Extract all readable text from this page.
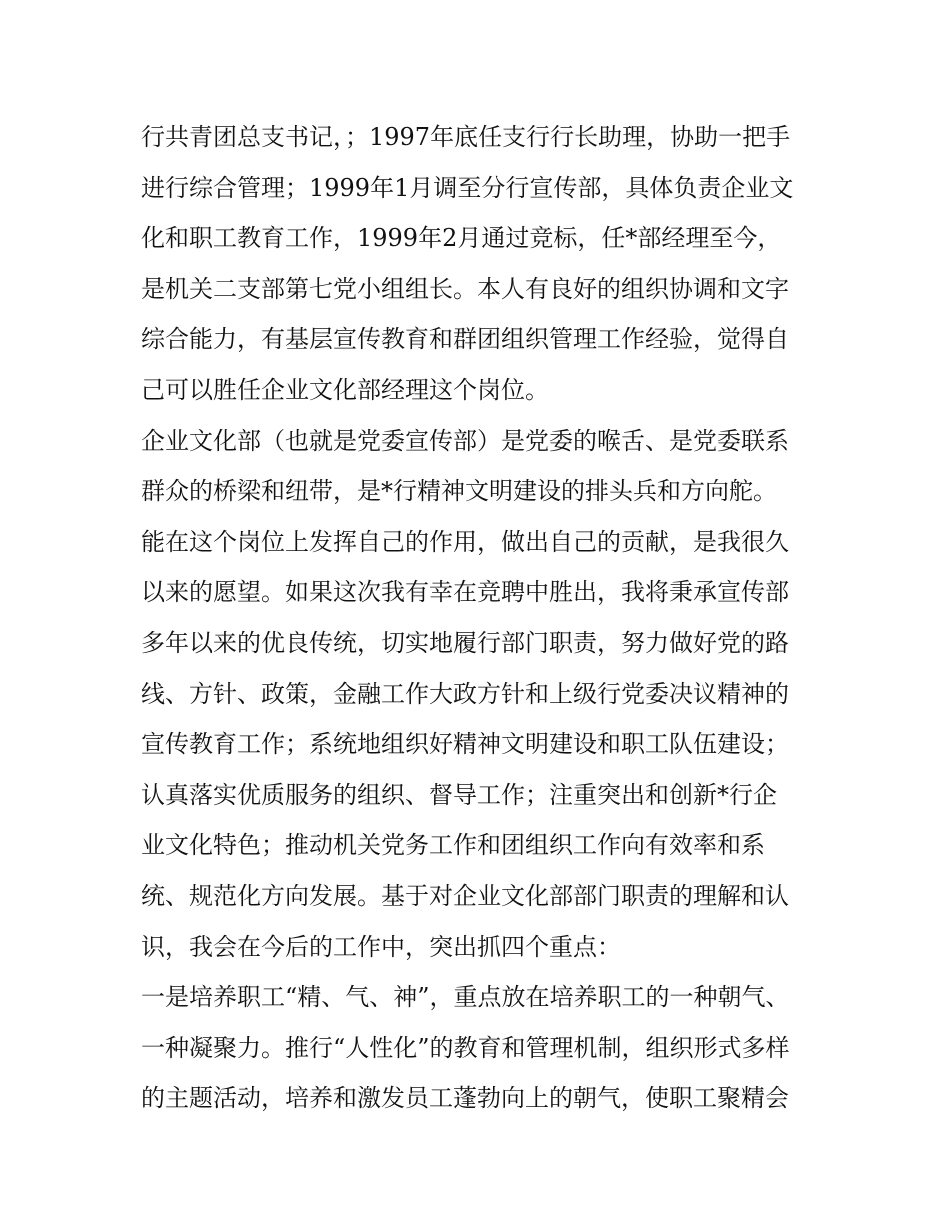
行共青团总支书记，；1997年底任支行行长助理，协助一把手
进行综合管理；1999年1月调至分行宣传部，具体负责企业文
化和职工教育工作，1999年2月通过竞标，任*部经理至今，
是机关二支部第七党小组组长。本人有良好的组织协调和文字
综合能力，有基层宣传教育和群团组织管理工作经验，觉得自
己可以胜任企业文化部经理这个岗位。
企业文化部（也就是党委宣传部）是党委的喉舌、是党委联系
群众的桥梁和纽带，是*行精神文明建设的排头兵和方向舵。
能在这个岗位上发挥自己的作用，做出自己的贡献，是我很久
以来的愿望。如果这次我有幸在竞聘中胜出，我将秉承宣传部
多年以来的优良传统，切实地履行部门职责，努力做好党的路
线、方针、政策，金融工作大政方针和上级行党委决议精神的
宣传教育工作；系统地组织好精神文明建设和职工队伍建设；
认真落实优质服务的组织、督导工作；注重突出和创新*行企
业文化特色；推动机关党务工作和团组织工作向有效率和系
统、规范化方向发展。基于对企业文化部部门职责的理解和认
识，我会在今后的工作中，突出抓四个重点：
一是培养职工“精、气、神”，重点放在培养职工的一种朝气、
一种凝聚力。推行“人性化”的教育和管理机制，组织形式多样
的主题活动，培养和激发员工蓬勃向上的朝气，使职工聚精会
